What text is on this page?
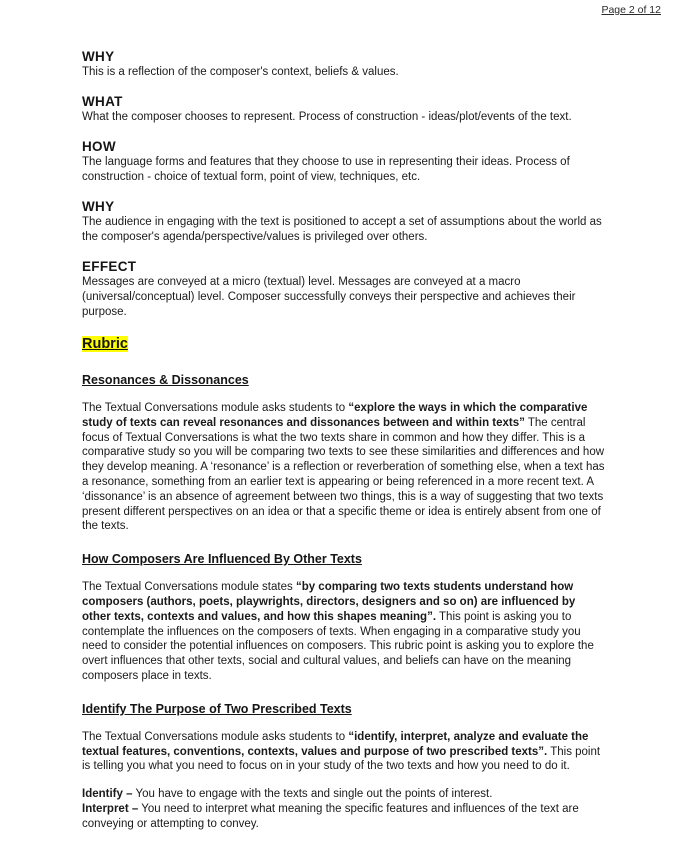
Page 2 of 12
WHY

This is a reflection of the composer's context, beliefs & values.

WHAT

What the composer chooses to represent. Process of construction - ideas/plot/events of the text.

HOW

The language forms and features that they choose to use in representing their ideas. Process of construction - choice of textual form, point of view, techniques, etc.

WHY

The audience in engaging with the text is positioned to accept a set of assumptions about the world as the composer's agenda/perspective/values is privileged over others.

EFFECT

Messages are conveyed at a micro (textual) level. Messages are conveyed at a macro (universal/conceptual) level. Composer successfully conveys their perspective and achieves their purpose.

Rubric
Resonances & Dissonances

The Textual Conversations module asks students to “explore the ways in which the comparative study of texts can reveal resonances and dissonances between and within texts” The central focus of Textual Conversations is what the two texts share in common and how they differ. This is a comparative study so you will be comparing two texts to see these similarities and differences and how they develop meaning. A ‘resonance’ is a reflection or reverberation of something else, when a text has a resonance, something from an earlier text is appearing or being referenced in a more recent text. A ‘dissonance’ is an absence of agreement between two things, this is a way of suggesting that two texts present different perspectives on an idea or that a specific theme or idea is entirely absent from one of the texts.

How Composers Are Influenced By Other Texts

The Textual Conversations module states “by comparing two texts students understand how composers (authors, poets, playwrights, directors, designers and so on) are influenced by other texts, contexts and values, and how this shapes meaning”. This point is asking you to contemplate the influences on the composers of texts. When engaging in a comparative study you need to consider the potential influences on composers. This rubric point is asking you to explore the overt influences that other texts, social and cultural values, and beliefs can have on the meaning composers place in texts.

Identify The Purpose of Two Prescribed Texts

The Textual Conversations module asks students to “identify, interpret, analyze and evaluate the textual features, conventions, contexts, values and purpose of two prescribed texts”. This point is telling you what you need to focus on in your study of the two texts and how you need to do it.

Identify – You have to engage with the texts and single out the points of interest.

Interpret – You need to interpret what meaning the specific features and influences of the text are conveying or attempting to convey.
